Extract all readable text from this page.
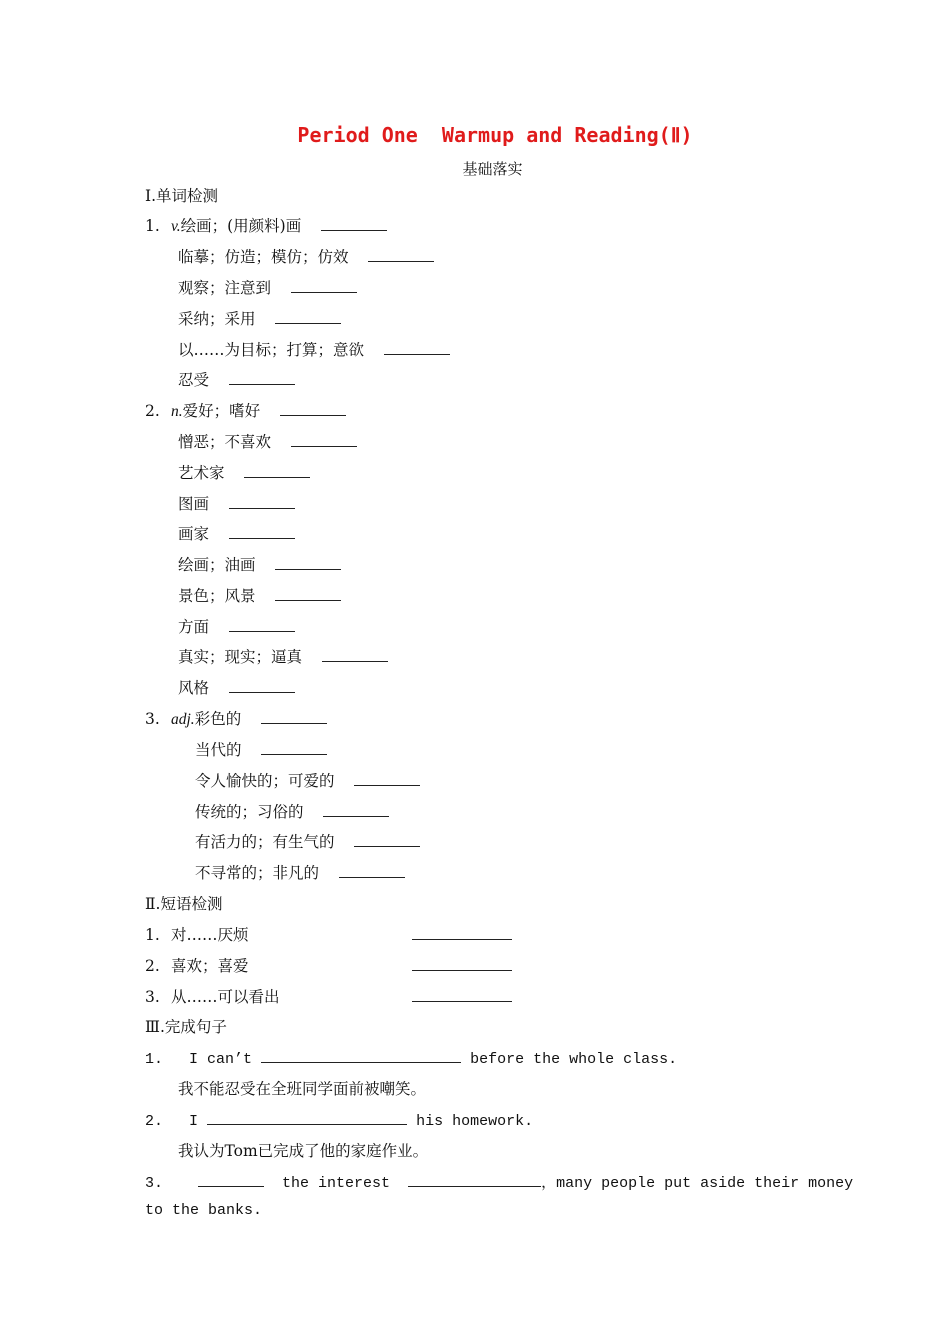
Period One  Warmup and Reading(Ⅱ)
基础落实
Ⅰ.单词检测
1. v.绘画；(用颜料)画
临摹；仿造；模仿；仿效
观察；注意到
采纳；采用
以……为目标；打算；意欲
忍受
2. n.爱好；嗜好
憎恶；不喜欢
艺术家
图画
画家
绘画；油画
景色；风景
方面
真实；现实；逼真
风格
3. adj.彩色的
当代的
令人愉快的；可爱的
传统的；习俗的
有活力的；有生气的
不寻常的；非凡的
Ⅱ.短语检测
1. 对……厌烦
2. 喜欢；喜爱
3. 从……可以看出
Ⅲ.完成句子
1. I can’t	before the whole class.
我不能忍受在全班同学面前被嘲笑。
2. I	his homework.
我认为Tom已完成了他的家庭作业。
3.	the interest	，many people put aside their money
to the banks.
